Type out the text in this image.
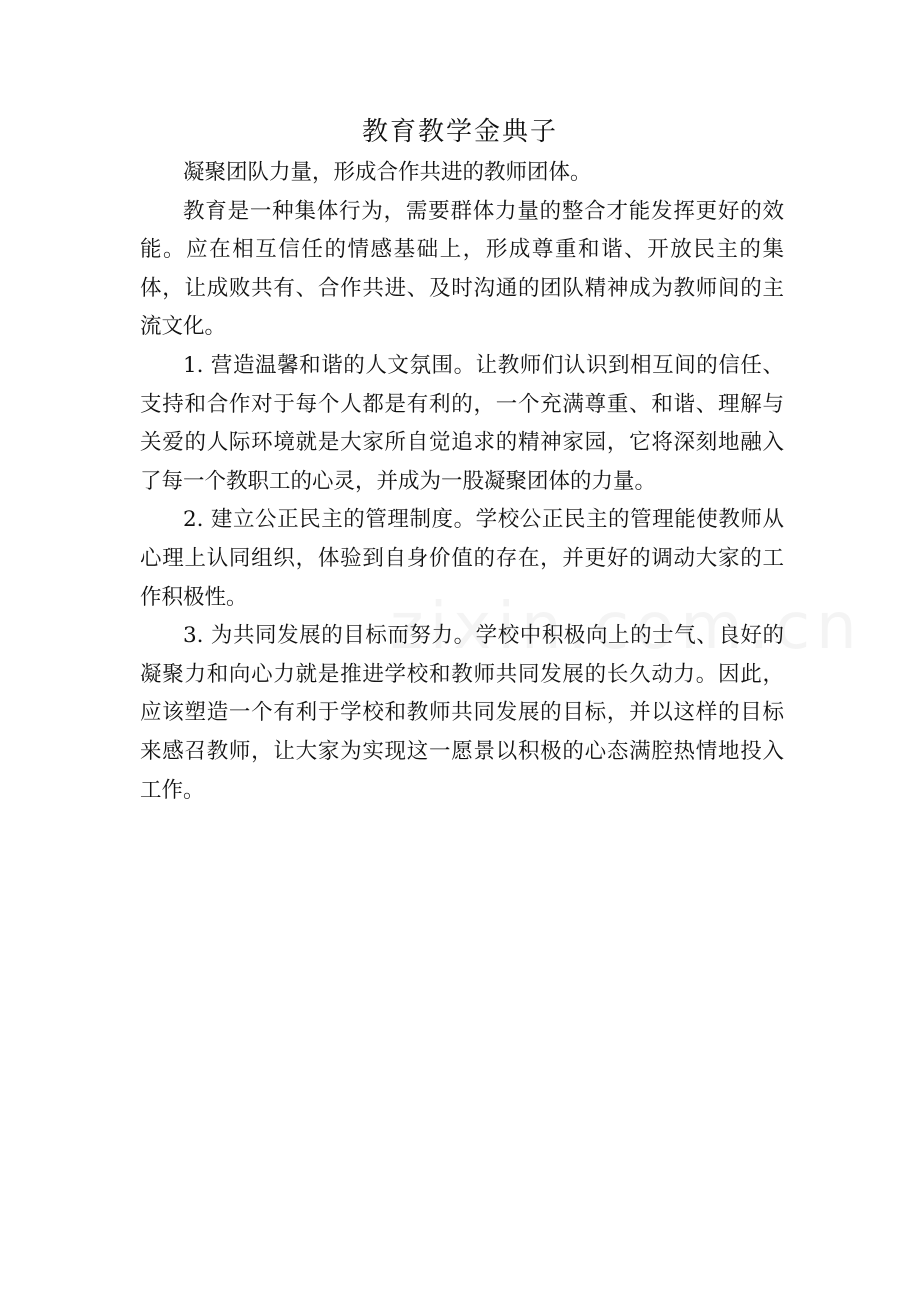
教育教学金典子

凝聚团队力量，形成合作共进的教师团体。

教育是一种集体行为，需要群体力量的整合才能发挥更好的效能。应在相互信任的情感基础上，形成尊重和谐、开放民主的集体，让成败共有、合作共进、及时沟通的团队精神成为教师间的主流文化。

1. 营造温馨和谐的人文氛围。让教师们认识到相互间的信任、支持和合作对于每个人都是有利的，一个充满尊重、和谐、理解与关爱的人际环境就是大家所自觉追求的精神家园，它将深刻地融入了每一个教职工的心灵，并成为一股凝聚团体的力量。

2. 建立公正民主的管理制度。学校公正民主的管理能使教师从心理上认同组织，体验到自身价值的存在，并更好的调动大家的工作积极性。

3. 为共同发展的目标而努力。学校中积极向上的士气、良好的凝聚力和向心力就是推进学校和教师共同发展的长久动力。因此，应该塑造一个有利于学校和教师共同发展的目标，并以这样的目标来感召教师，让大家为实现这一愿景以积极的心态满腔热情地投入工作。
